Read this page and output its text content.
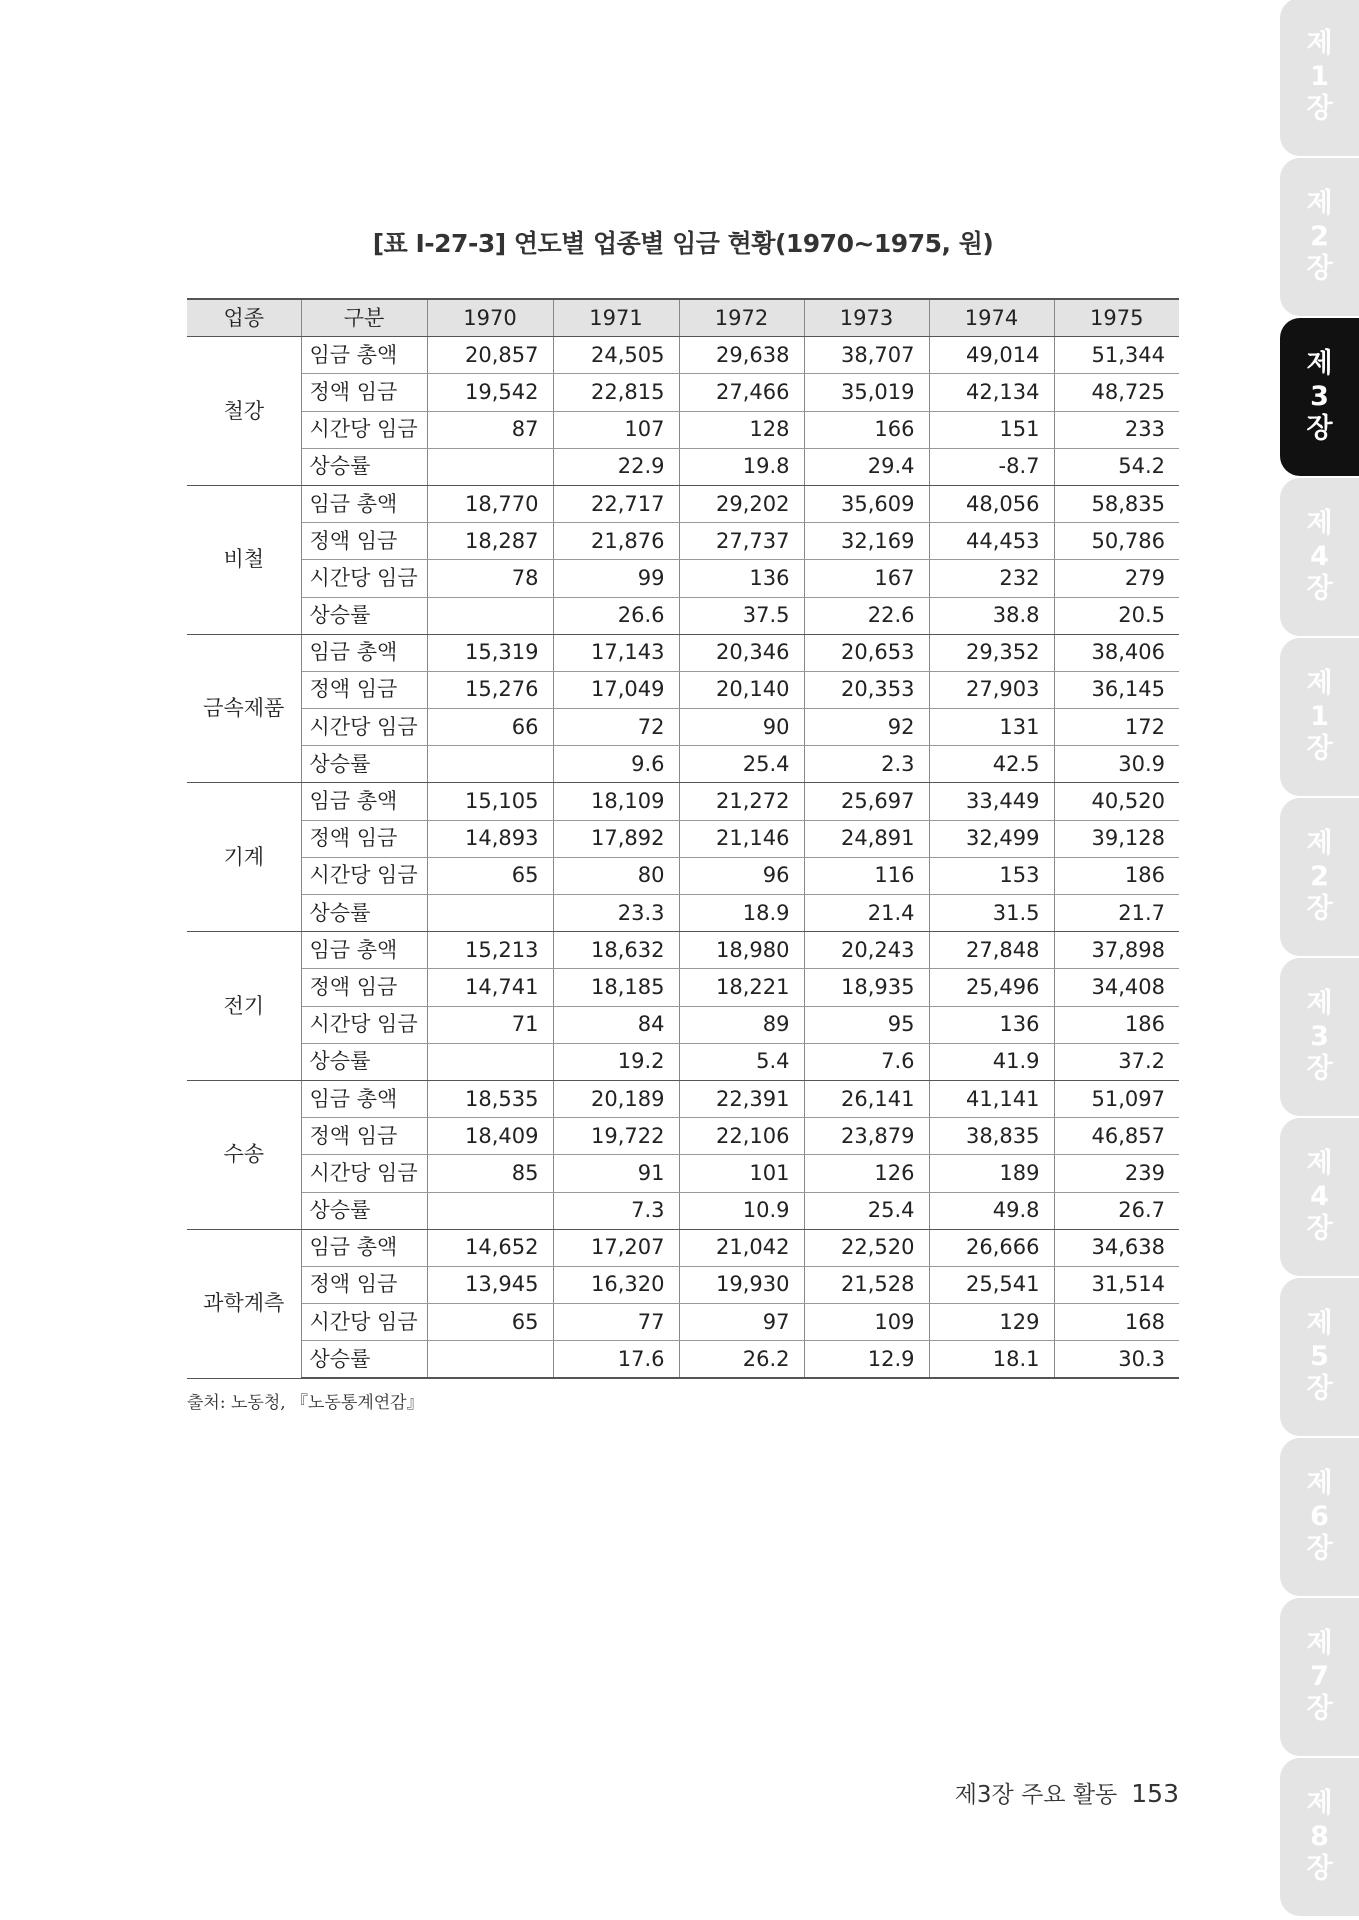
[표 Ⅰ-27-3] 연도별 업종별 임금 현황(1970~1975, 원)
업종	구분	1970	1971	1972	1973	1974	1975
철강	임금 총액	20,857	24,505	29,638	38,707	49,014	51,344
	정액 임금	19,542	22,815	27,466	35,019	42,134	48,725
	시간당 임금	87	107	128	166	151	233
	상승률		22.9	19.8	29.4	-8.7	54.2
비철	임금 총액	18,770	22,717	29,202	35,609	48,056	58,835
	정액 임금	18,287	21,876	27,737	32,169	44,453	50,786
	시간당 임금	78	99	136	167	232	279
	상승률		26.6	37.5	22.6	38.8	20.5
금속제품	임금 총액	15,319	17,143	20,346	20,653	29,352	38,406
	정액 임금	15,276	17,049	20,140	20,353	27,903	36,145
	시간당 임금	66	72	90	92	131	172
	상승률		9.6	25.4	2.3	42.5	30.9
기계	임금 총액	15,105	18,109	21,272	25,697	33,449	40,520
	정액 임금	14,893	17,892	21,146	24,891	32,499	39,128
	시간당 임금	65	80	96	116	153	186
	상승률		23.3	18.9	21.4	31.5	21.7
전기	임금 총액	15,213	18,632	18,980	20,243	27,848	37,898
	정액 임금	14,741	18,185	18,221	18,935	25,496	34,408
	시간당 임금	71	84	89	95	136	186
	상승률		19.2	5.4	7.6	41.9	37.2
수송	임금 총액	18,535	20,189	22,391	26,141	41,141	51,097
	정액 임금	18,409	19,722	22,106	23,879	38,835	46,857
	시간당 임금	85	91	101	126	189	239
	상승률		7.3	10.9	25.4	49.8	26.7
과학계측	임금 총액	14,652	17,207	21,042	22,520	26,666	34,638
	정액 임금	13,945	16,320	19,930	21,528	25,541	31,514
	시간당 임금	65	77	97	109	129	168
	상승률		17.6	26.2	12.9	18.1	30.3
출처: 노동청, 『노동통계연감』
제3장 주요 활동 153
제
1
장
제
2
장
제
3
장
제
4
장
제
1
장
제
2
장
제
3
장
제
4
장
제
5
장
제
6
장
제
7
장
제
8
장
